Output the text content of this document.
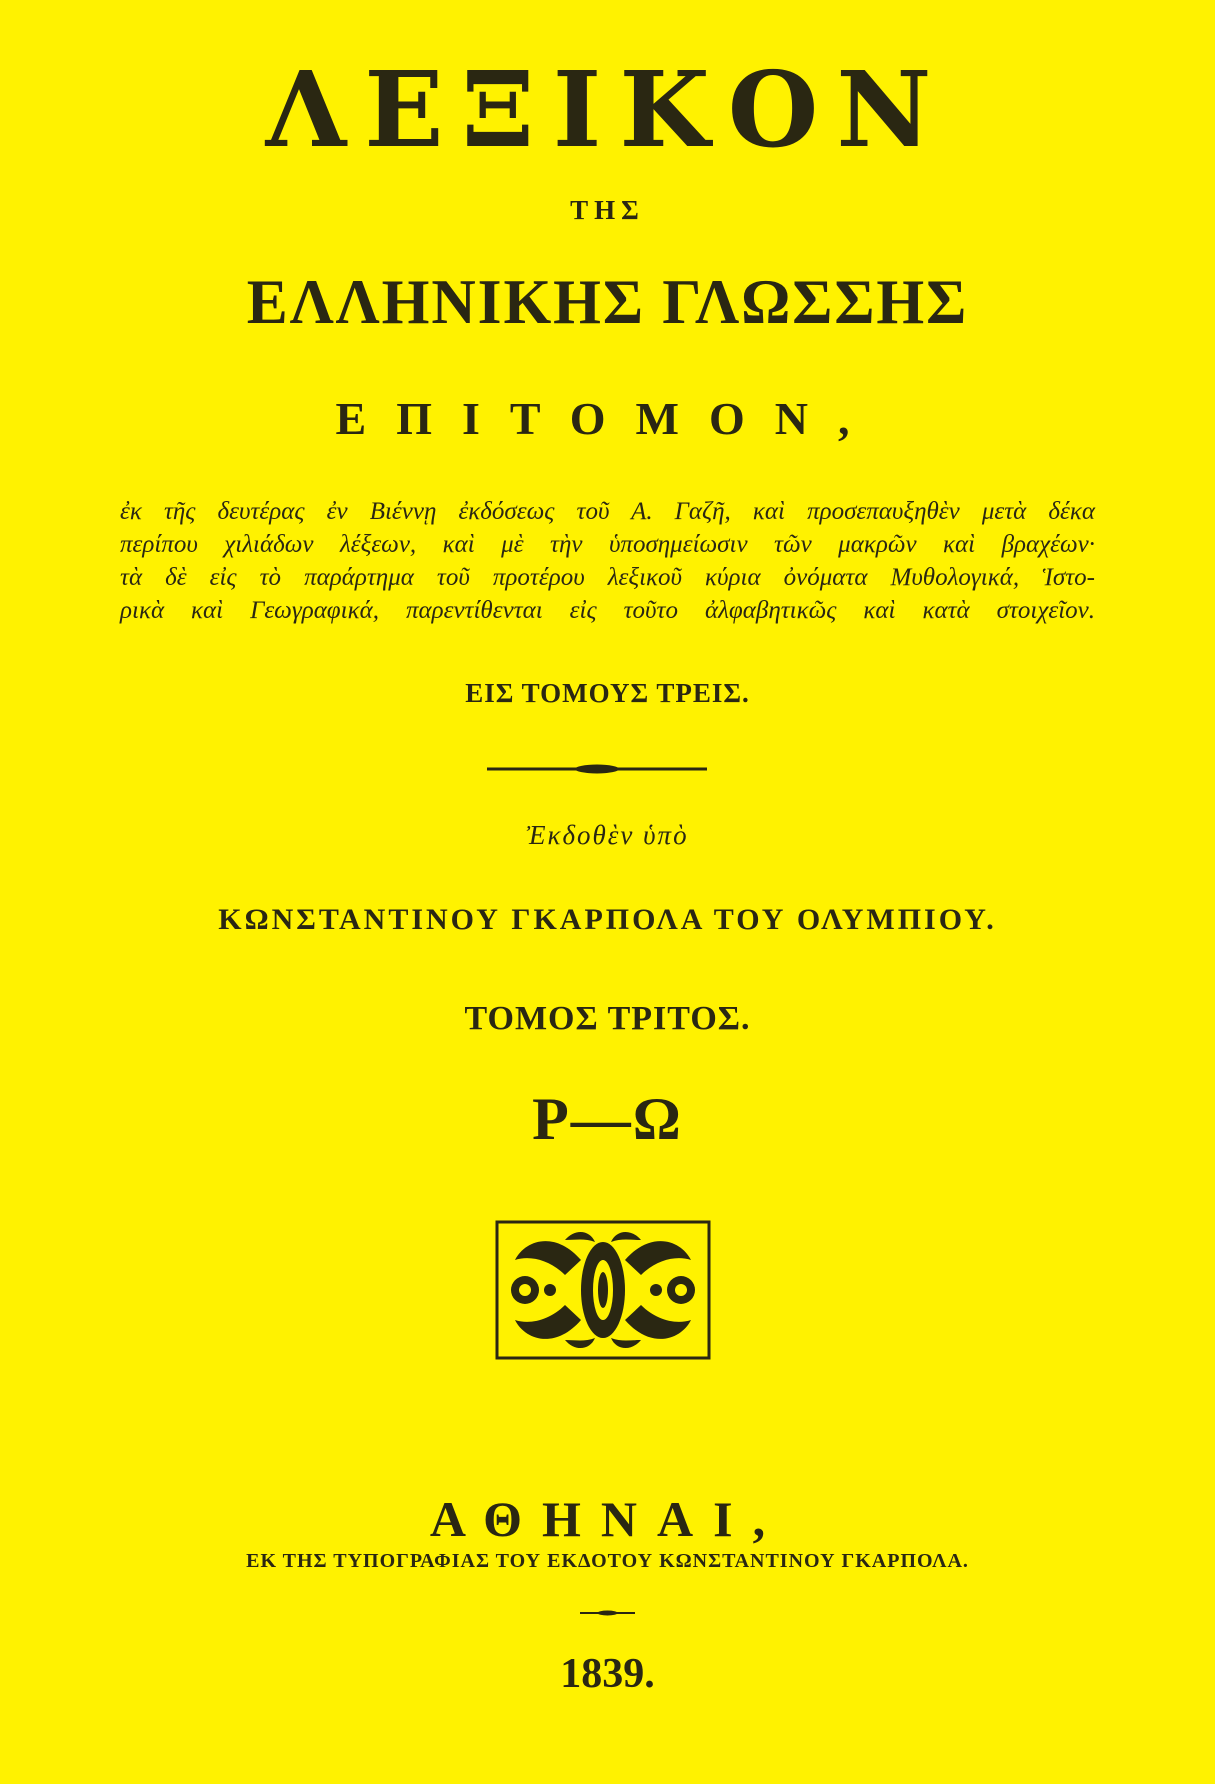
ΛΕΞΙΚΟΝ
ΤΗΣ
ΕΛΛΗΝΙΚΗΣ ΓΛΩΣΣΗΣ
ΕΠΙΤΟΜΟΝ,
ἐκ τῆς δευτέρας ἐν Βιέννῃ ἐκδόσεως τοῦ Α. Γαζῆ, καὶ προσεπαυξηθὲν μετὰ δέκα
περίπου χιλιάδων λέξεων, καὶ μὲ τὴν ὑποσημείωσιν τῶν μακρῶν καὶ βραχέων·
τὰ δὲ εἰς τὸ παράρτημα τοῦ προτέρου λεξικοῦ κύρια ὀνόματα Μυθολογικά, Ἱστο-
ρικὰ καὶ Γεωγραφικά, παρεντίθενται εἰς τοῦτο ἀλφαβητικῶς καὶ κατὰ στοιχεῖον.
ΕΙΣ ΤΟΜΟΥΣ ΤΡΕΙΣ.
Ἐκδοθὲν ὑπὸ
ΚΩΝΣΤΑΝΤΙΝΟΥ ΓΚΑΡΠΟΛΑ ΤΟΥ ΟΛΥΜΠΙΟΥ.
ΤΟΜΟΣ ΤΡΙΤΟΣ.
Ρ—Ω
ΑΘΗΝΑΙ,
ΕΚ ΤΗΣ ΤΥΠΟΓΡΑΦΙΑΣ ΤΟΥ ΕΚΔΟΤΟΥ ΚΩΝΣΤΑΝΤΙΝΟΥ ΓΚΑΡΠΟΛΑ.
1839.
